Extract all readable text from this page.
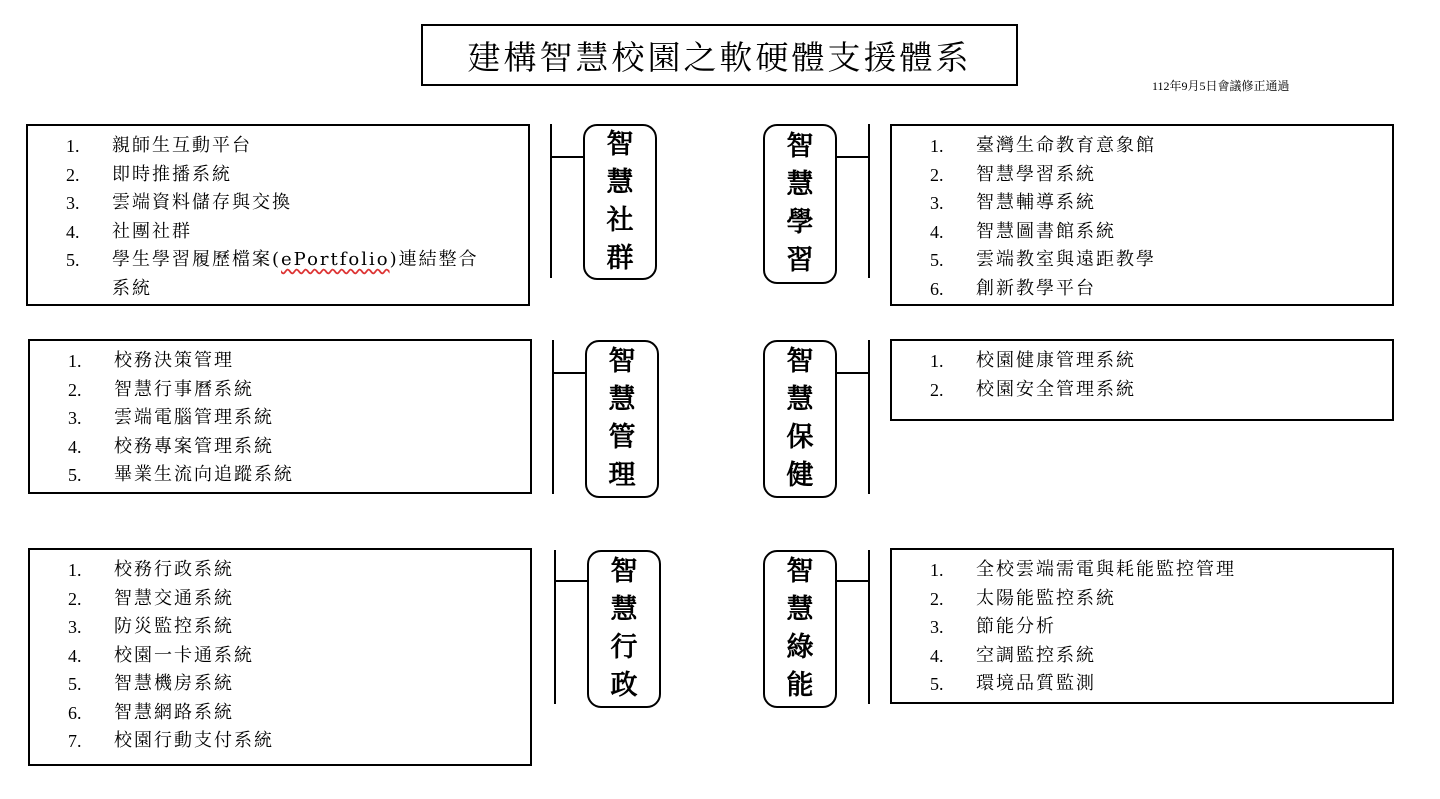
建構智慧校園之軟硬體支援體系
112年9月5日會議修正通過
1.	親師生互動平台
2.	即時推播系統
3.	雲端資料儲存與交換
4.	社團社群
5.	學生學習履歷檔案(ePortfolio)連結整合
系統
智
慧
社
群
智
慧
學
習
1.	臺灣生命教育意象館
2.	智慧學習系統
3.	智慧輔導系統
4.	智慧圖書館系統
5.	雲端教室與遠距教學
6.	創新教學平台
1.	校務決策管理
2.	智慧行事曆系統
3.	雲端電腦管理系統
4.	校務專案管理系統
5.	畢業生流向追蹤系統
智
慧
管
理
智
慧
保
健
1.	校園健康管理系統
2.	校園安全管理系統
1.	校務行政系統
2.	智慧交通系統
3.	防災監控系統
4.	校園一卡通系統
5.	智慧機房系統
6.	智慧網路系統
7.	校園行動支付系統
智
慧
行
政
智
慧
綠
能
1.	全校雲端需電與耗能監控管理
2.	太陽能監控系統
3.	節能分析
4.	空調監控系統
5.	環境品質監測
